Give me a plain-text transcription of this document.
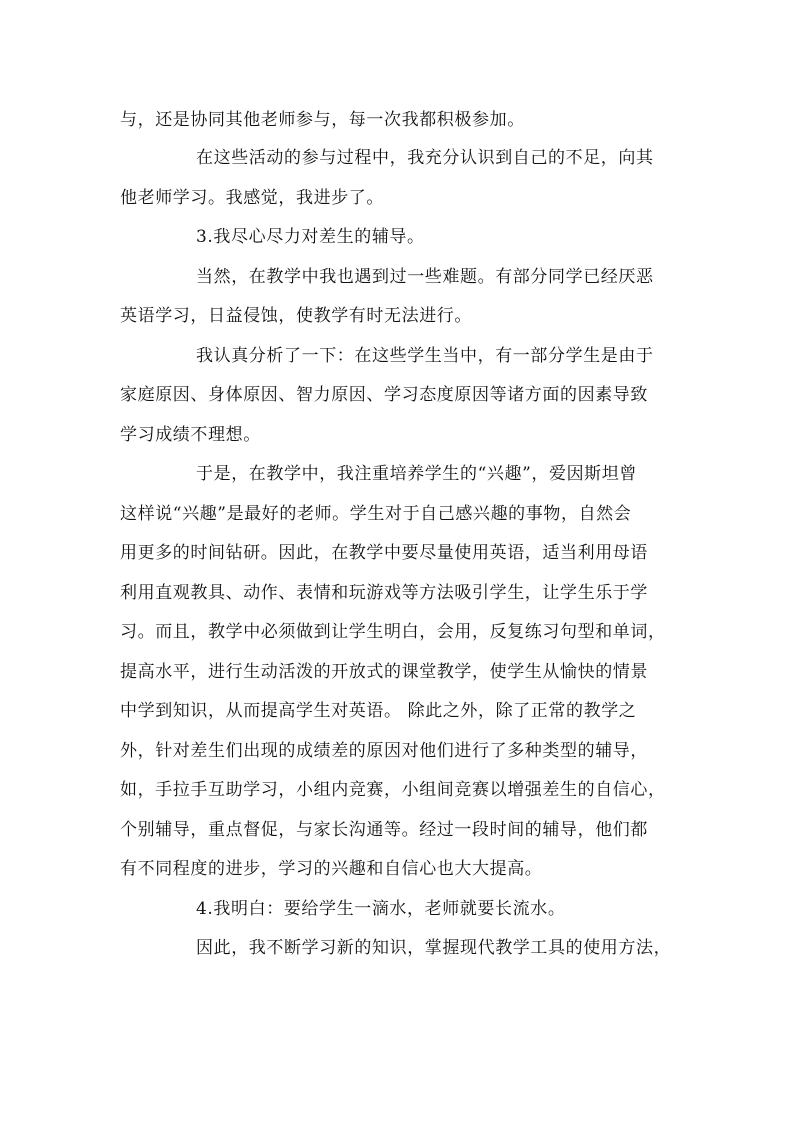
与，还是协同其他老师参与，每一次我都积极参加。
在这些活动的参与过程中，我充分认识到自己的不足，向其
他老师学习。我感觉，我进步了。
3.我尽心尽力对差生的辅导。
当然，在教学中我也遇到过一些难题。有部分同学已经厌恶
英语学习，日益侵蚀，使教学有时无法进行。
我认真分析了一下：在这些学生当中，有一部分学生是由于
家庭原因、身体原因、智力原因、学习态度原因等诸方面的因素导致
学习成绩不理想。
于是，在教学中，我注重培养学生的“兴趣”，爱因斯坦曾
这样说“兴趣”是最好的老师。学生对于自己感兴趣的事物，自然会
用更多的时间钻研。因此，在教学中要尽量使用英语，适当利用母语
利用直观教具、动作、表情和玩游戏等方法吸引学生，让学生乐于学
习。而且，教学中必须做到让学生明白，会用，反复练习句型和单词，
提高水平，进行生动活泼的开放式的课堂教学，使学生从愉快的情景
中学到知识，从而提高学生对英语。 除此之外，除了正常的教学之
外，针对差生们出现的成绩差的原因对他们进行了多种类型的辅导，
如，手拉手互助学习，小组内竞赛，小组间竞赛以增强差生的自信心，
个别辅导，重点督促，与家长沟通等。经过一段时间的辅导，他们都
有不同程度的进步，学习的兴趣和自信心也大大提高。
4.我明白：要给学生一滴水，老师就要长流水。
因此，我不断学习新的知识，掌握现代教学工具的使用方法，
